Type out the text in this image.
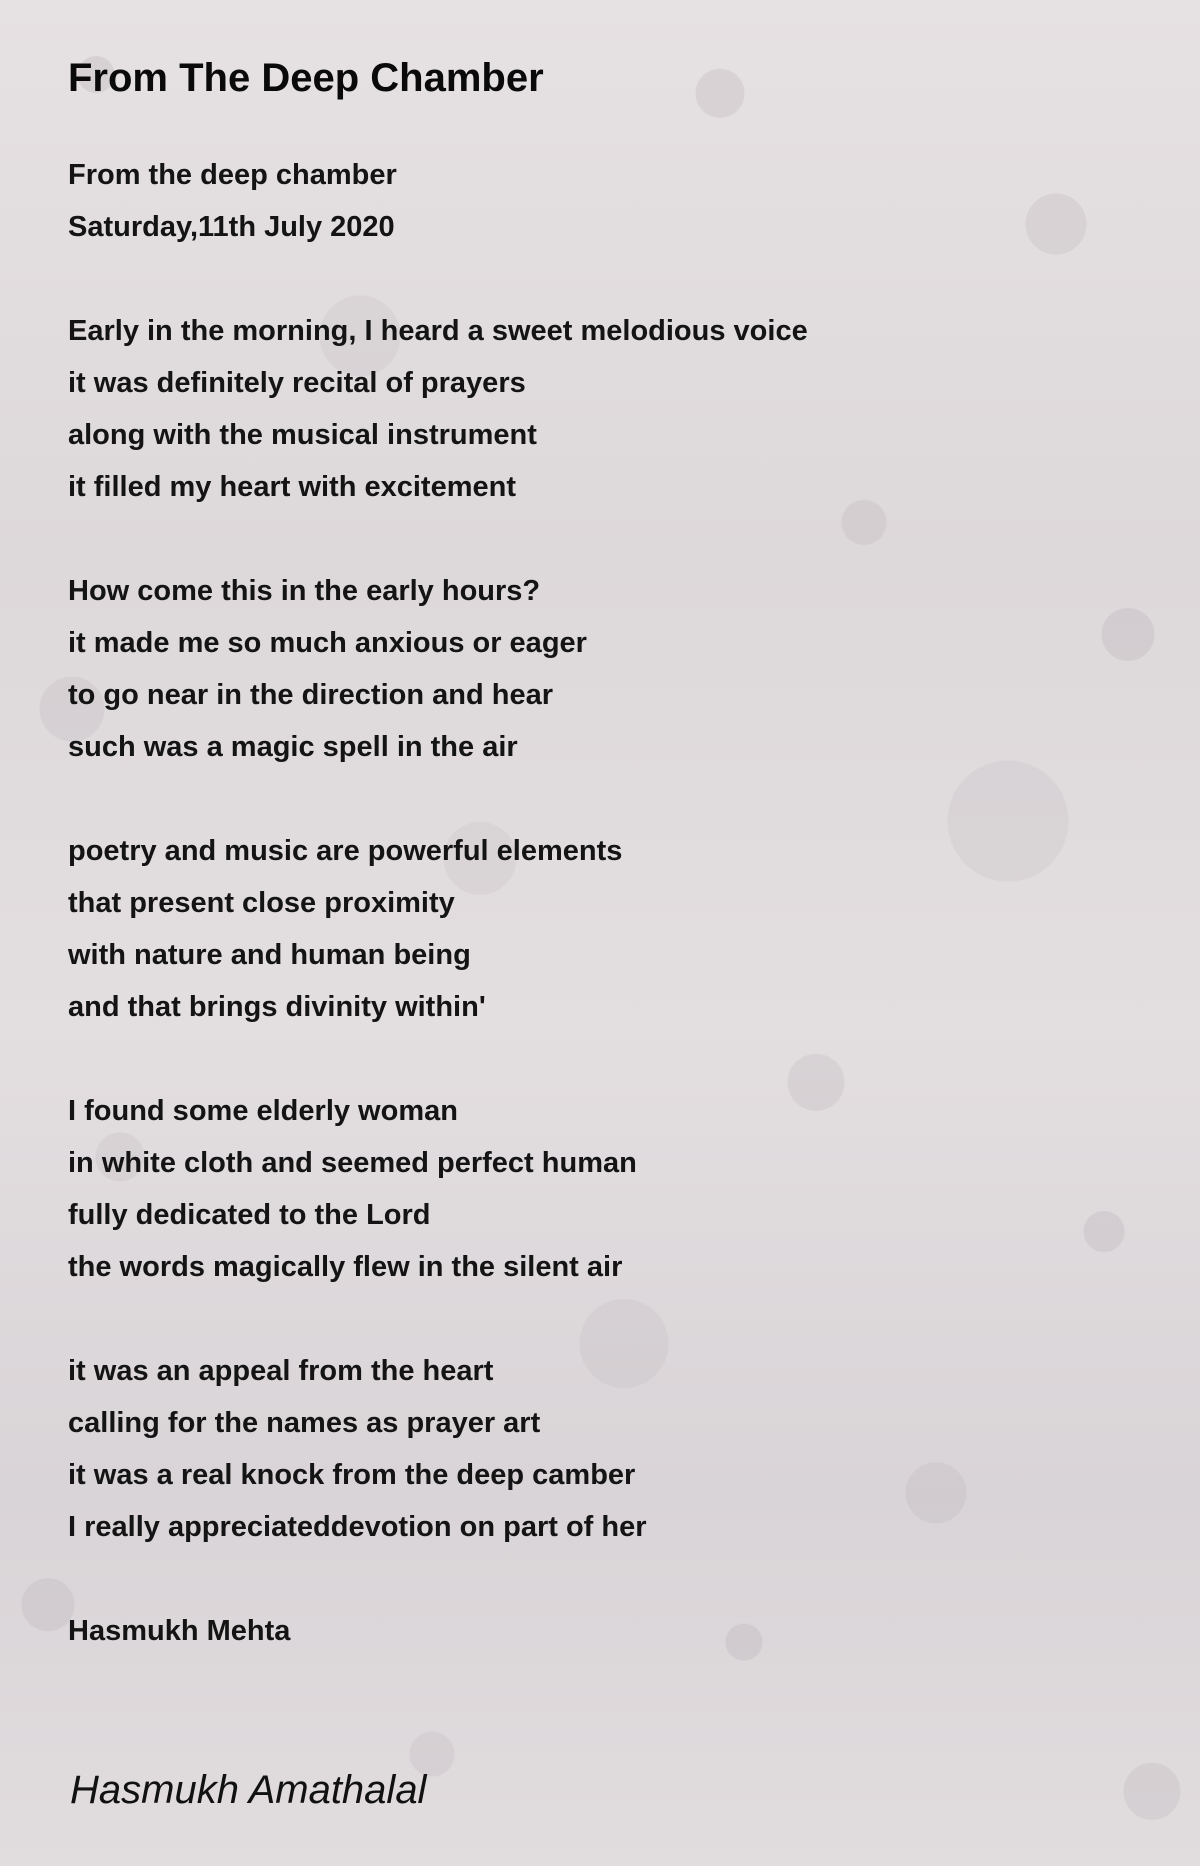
From The Deep Chamber
From the deep chamber
Saturday,11th July 2020
Early in the morning, I heard a sweet melodious voice
it was definitely recital of prayers
along with the musical instrument
it filled my heart with excitement
How come this in the early hours?
it made me so much anxious or eager
to go near in the direction and hear
such was a magic spell in the air
poetry and music are powerful elements
that present close proximity
with nature and human being
and that brings divinity within'
I found some elderly woman
in white cloth and seemed perfect human
fully dedicated to the Lord
the words magically flew in the silent air
it was an appeal from the heart
calling for the names as prayer art
it was a real knock from the deep camber
I really appreciateddevotion on part of her
Hasmukh Mehta
Hasmukh Amathalal
